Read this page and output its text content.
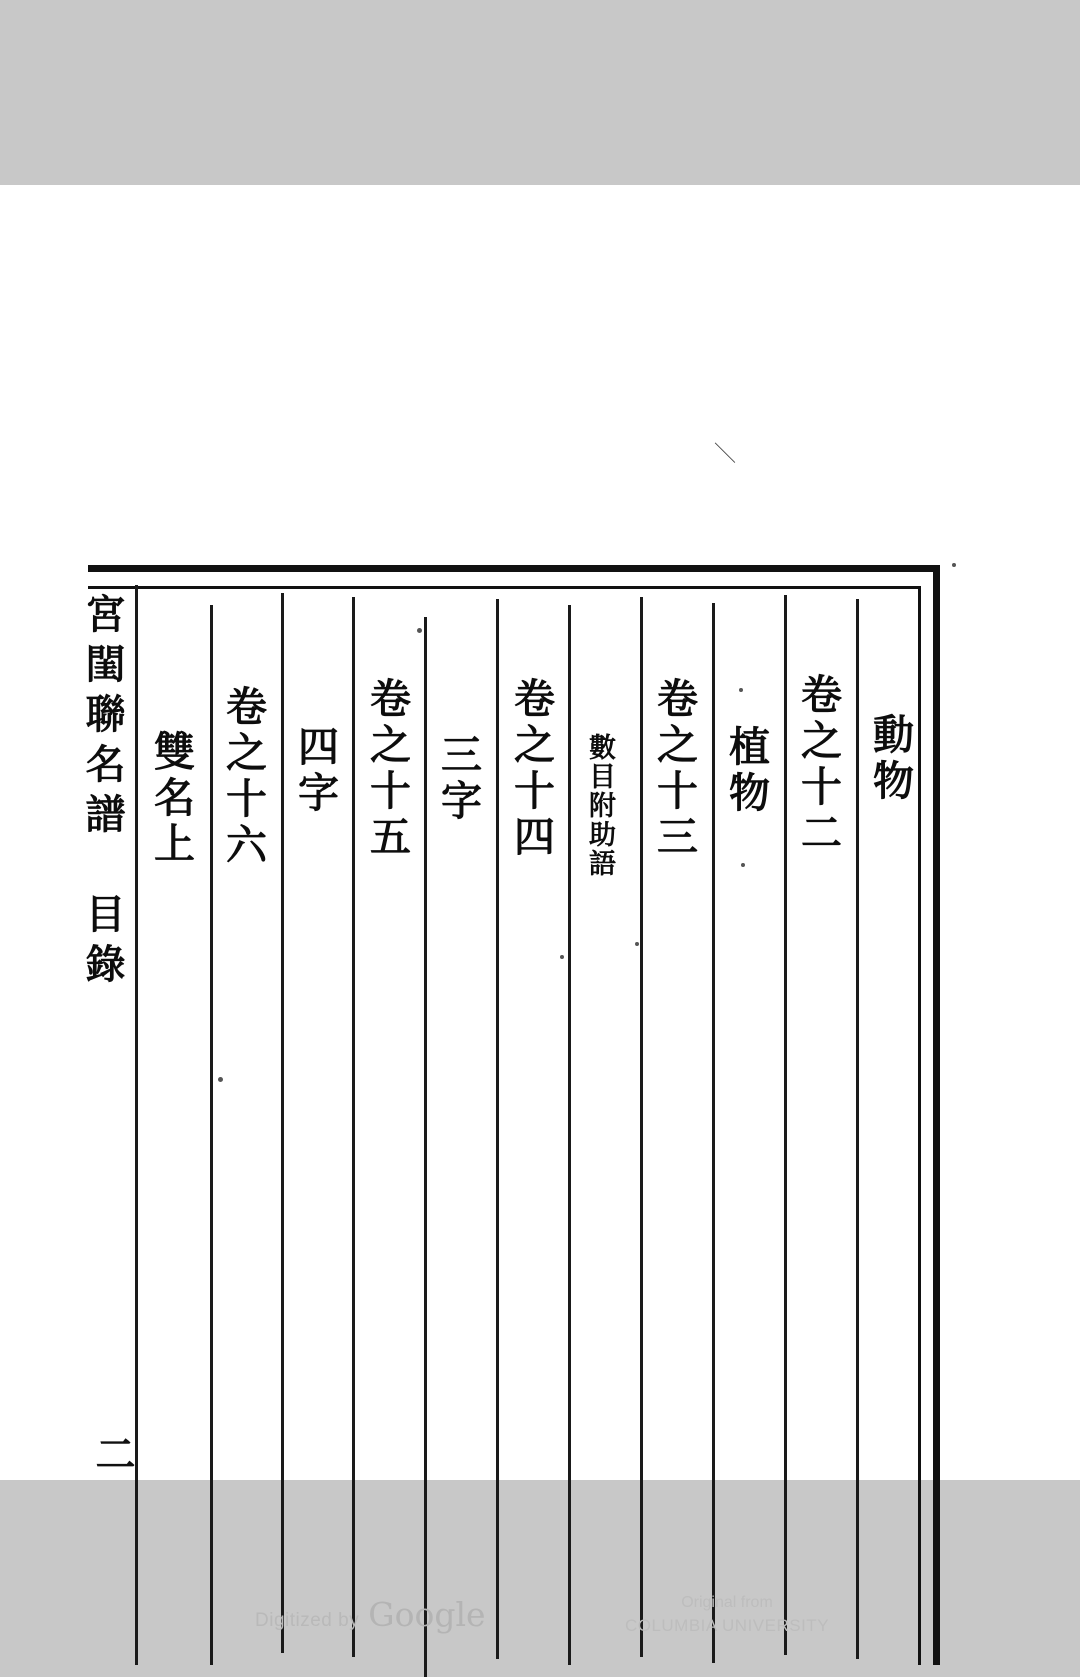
宮閨聯名譜　目錄	動物
卷之十二
植物
卷之十三
數目附助語
卷之十四
三字
卷之十五
四字
卷之十六
雙名上
二
＼
Digitized by Google	Original from
COLUMBIA UNIVERSITY
